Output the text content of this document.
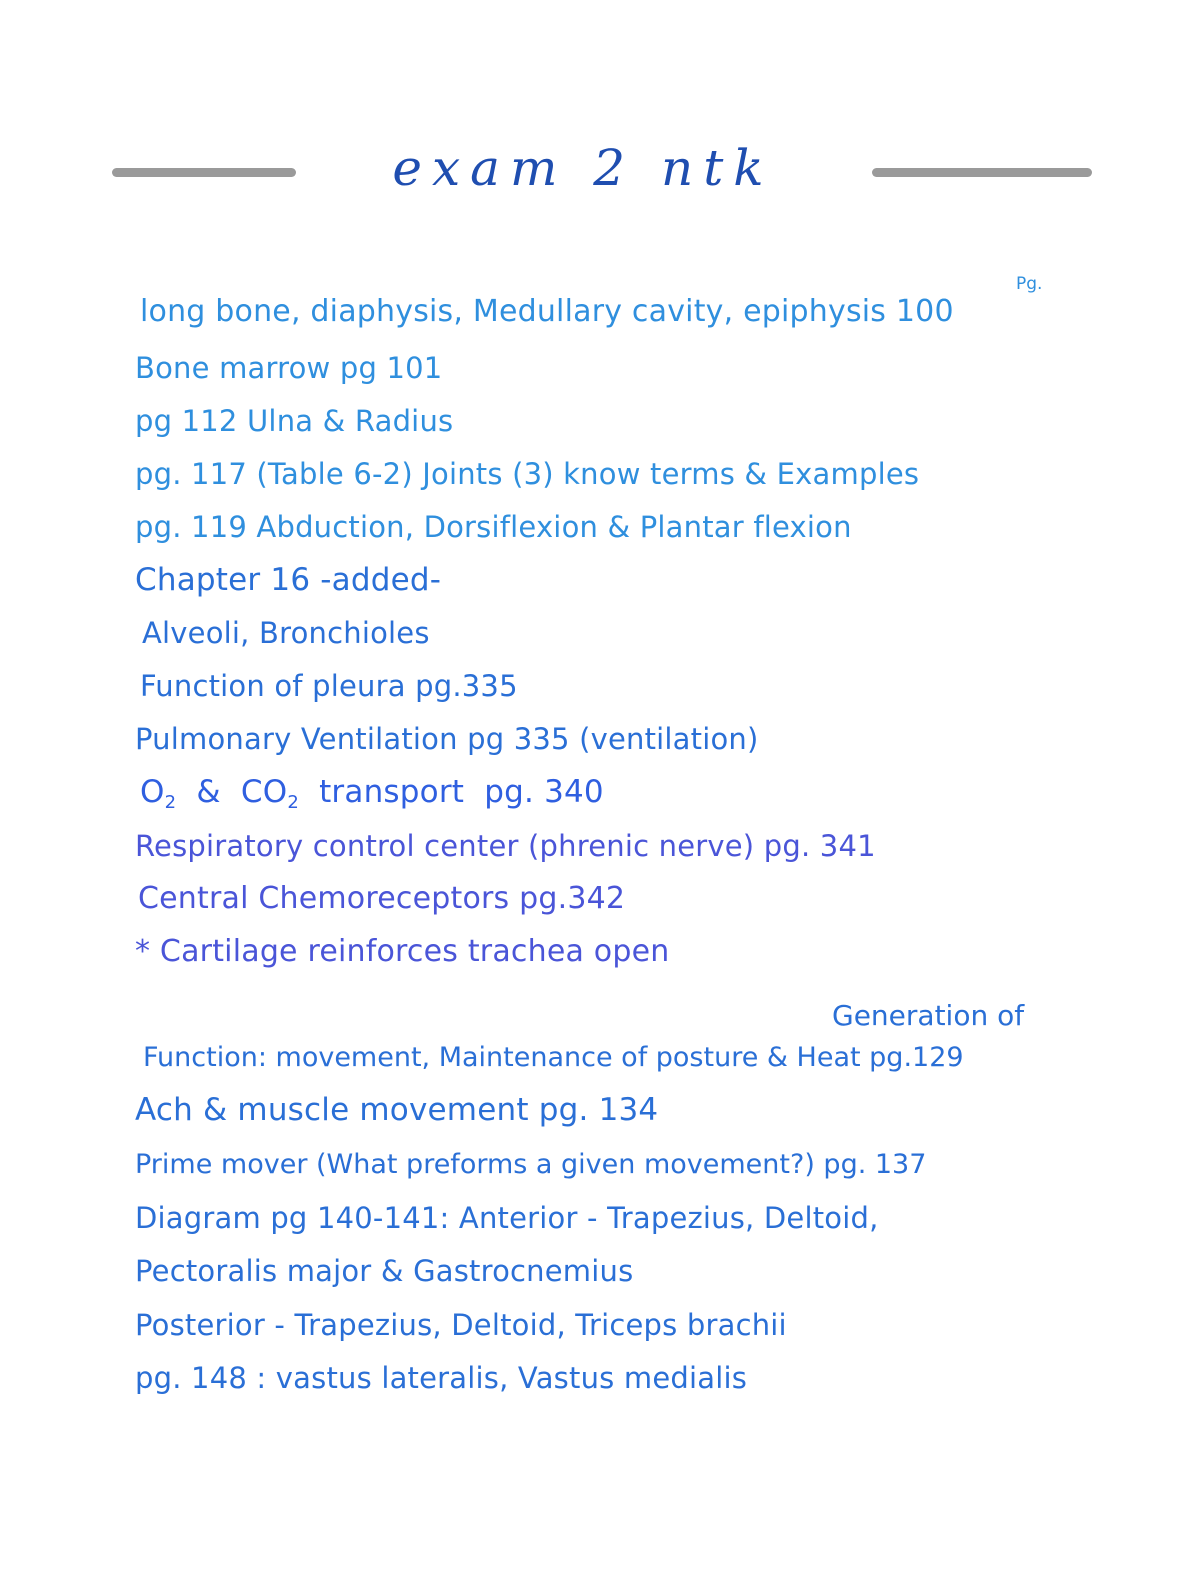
exam 2 ntk
Pg.
long bone, diaphysis, Medullary cavity, epiphysis 100
Bone marrow pg 101
pg 112 Ulna & Radius
pg. 117 (Table 6-2) Joints (3) know terms & Examples
pg. 119 Abduction, Dorsiflexion & Plantar flexion
Chapter 16 -added-
Alveoli, Bronchioles
Function of pleura pg.335
Pulmonary Ventilation pg 335 (ventilation)
$O_2$  &  $CO_2$  transport  pg. 340
Respiratory control center (phrenic nerve) pg. 341
Central Chemoreceptors pg.342
* Cartilage reinforces trachea open
Generation of
Function: movement, Maintenance of posture & Heat pg.129
Ach & muscle movement pg. 134
Prime mover (What preforms a given movement?) pg. 137
Diagram pg 140-141: Anterior - Trapezius, Deltoid,
Pectoralis major & Gastrocnemius
Posterior - Trapezius, Deltoid, Triceps brachii
pg. 148 : vastus lateralis, Vastus medialis
